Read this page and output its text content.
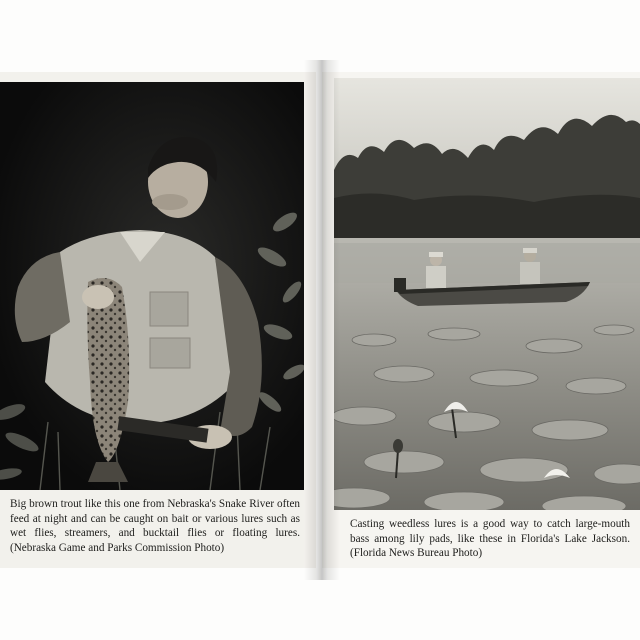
Big brown trout like this one from Nebraska's Snake River often feed at night and can be caught on bait or various lures such as wet flies, streamers, and bucktail flies or floating lures. (Nebraska Game and Parks Commission Photo)

Casting weedless lures is a good way to catch large-mouth bass among lily pads, like these in Florida's Lake Jackson. (Florida News Bureau Photo)
